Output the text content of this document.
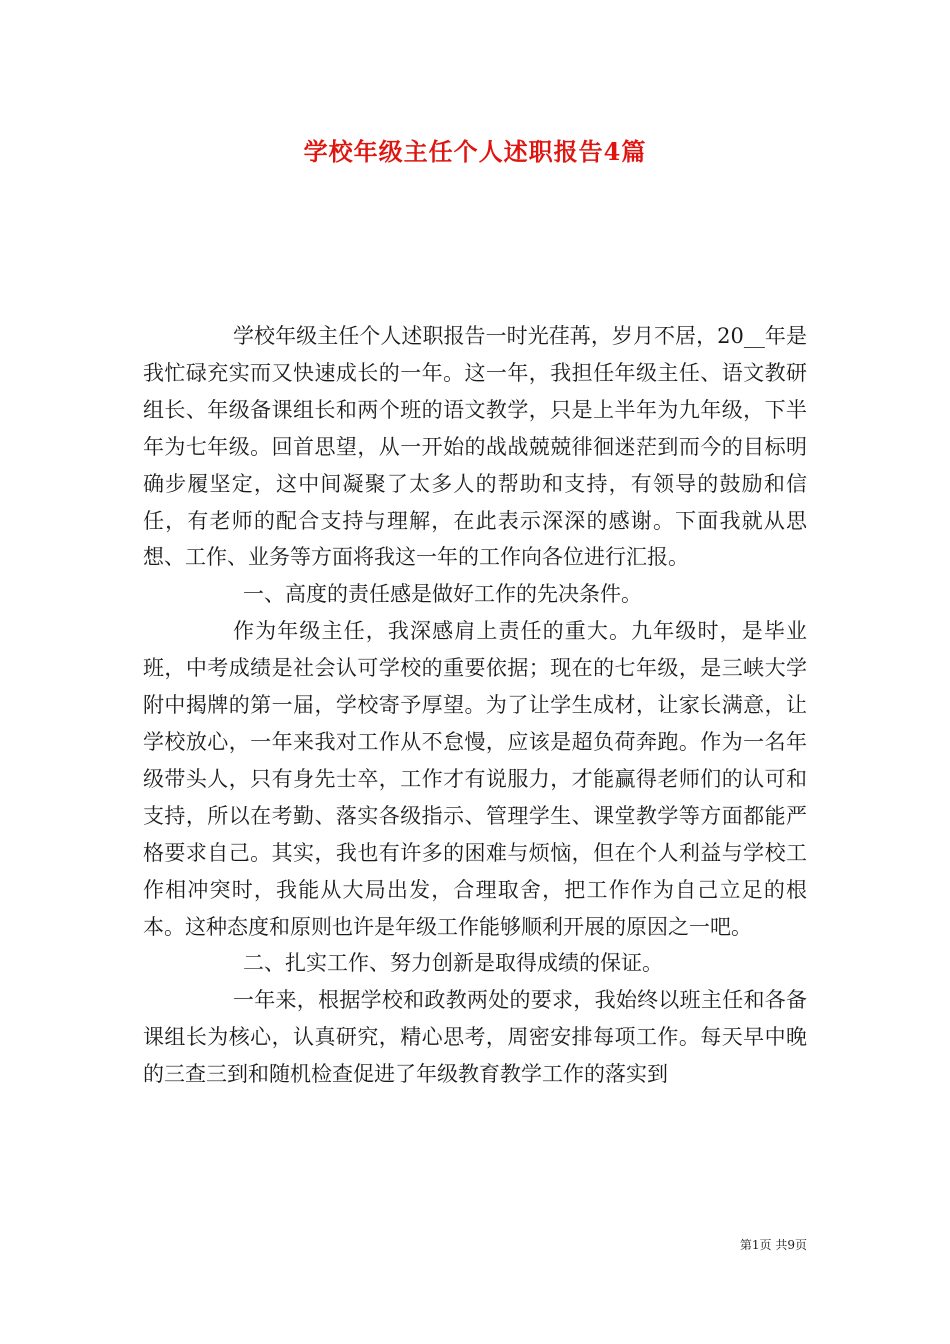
学校年级主任个人述职报告4篇

学校年级主任个人述职报告一时光荏苒，岁月不居，20__年是我忙碌充实而又快速成长的一年。这一年，我担任年级主任、语文教研组长、年级备课组长和两个班的语文教学，只是上半年为九年级，下半年为七年级。回首思望，从一开始的战战兢兢徘徊迷茫到而今的目标明确步履坚定，这中间凝聚了太多人的帮助和支持，有领导的鼓励和信任，有老师的配合支持与理解，在此表示深深的感谢。下面我就从思想、工作、业务等方面将我这一年的工作向各位进行汇报。

一、高度的责任感是做好工作的先决条件。

作为年级主任，我深感肩上责任的重大。九年级时，是毕业班，中考成绩是社会认可学校的重要依据；现在的七年级，是三峡大学附中揭牌的第一届，学校寄予厚望。为了让学生成材，让家长满意，让学校放心，一年来我对工作从不怠慢，应该是超负荷奔跑。作为一名年级带头人，只有身先士卒，工作才有说服力，才能赢得老师们的认可和支持，所以在考勤、落实各级指示、管理学生、课堂教学等方面都能严格要求自己。其实，我也有许多的困难与烦恼，但在个人利益与学校工作相冲突时，我能从大局出发，合理取舍，把工作作为自己立足的根本。这种态度和原则也许是年级工作能够顺利开展的原因之一吧。

二、扎实工作、努力创新是取得成绩的保证。

一年来，根据学校和政教两处的要求，我始终以班主任和各备课组长为核心，认真研究，精心思考，周密安排每项工作。每天早中晚的三查三到和随机检查促进了年级教育教学工作的落实到

第1页 共9页
